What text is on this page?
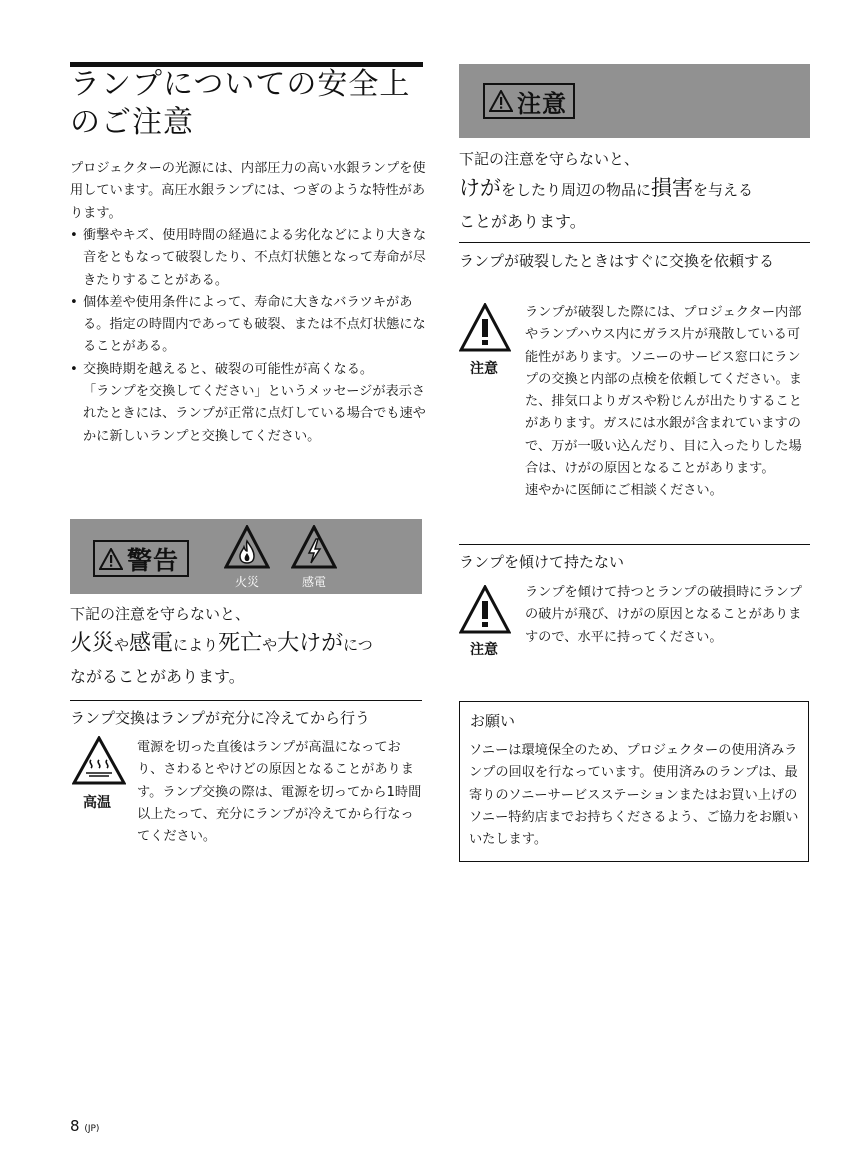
ランプについての安全上
のご注意

プロジェクターの光源には、内部圧力の高い水銀ランプを使用しています。高圧水銀ランプには、つぎのような特性があります。

• 衝撃やキズ、使用時間の経過による劣化などにより大きな音をともなって破裂したり、不点灯状態となって寿命が尽きたりすることがある。
• 個体差や使用条件によって、寿命に大きなバラツキがある。指定の時間内であっても破裂、または不点灯状態になることがある。
• 交換時期を越えると、破裂の可能性が高くなる。
「ランプを交換してください」というメッセージが表示されたときには、ランプが正常に点灯している場合でも速やかに新しいランプと交換してください。
警告
火災	感電
下記の注意を守らないと、
火災や感電により死亡や大けがにつ
ながることがあります。
ランプ交換はランプが充分に冷えてから行う
高温

電源を切った直後はランプが高温になっており、さわるとやけどの原因となることがあります。ランプ交換の際は、電源を切ってから1時間以上たって、充分にランプが冷えてから行なってください。

注意
下記の注意を守らないと、
けがをしたり周辺の物品に損害を与える
ことがあります。
ランプが破裂したときはすぐに交換を依頼する
注意
ランプが破裂した際には、プロジェクター内部やランプハウス内にガラス片が飛散している可能性があります。ソニーのサービス窓口にランプの交換と内部の点検を依頼してください。また、排気口よりガスや粉じんが出たりすることがあります。ガスには水銀が含まれていますので、万が一吸い込んだり、目に入ったりした場合は、けがの原因となることがあります。
速やかに医師にご相談ください。
ランプを傾けて持たない
注意

ランプを傾けて持つとランプの破損時にランプの破片が飛び、けがの原因となることがありますので、水平に持ってください。

お願い

ソニーは環境保全のため、プロジェクターの使用済みランプの回収を行なっています。使用済みのランプは、最寄りのソニーサービスステーションまたはお買い上げのソニー特約店までお持ちくださるよう、ご協力をお願いいたします。

8 (JP)
